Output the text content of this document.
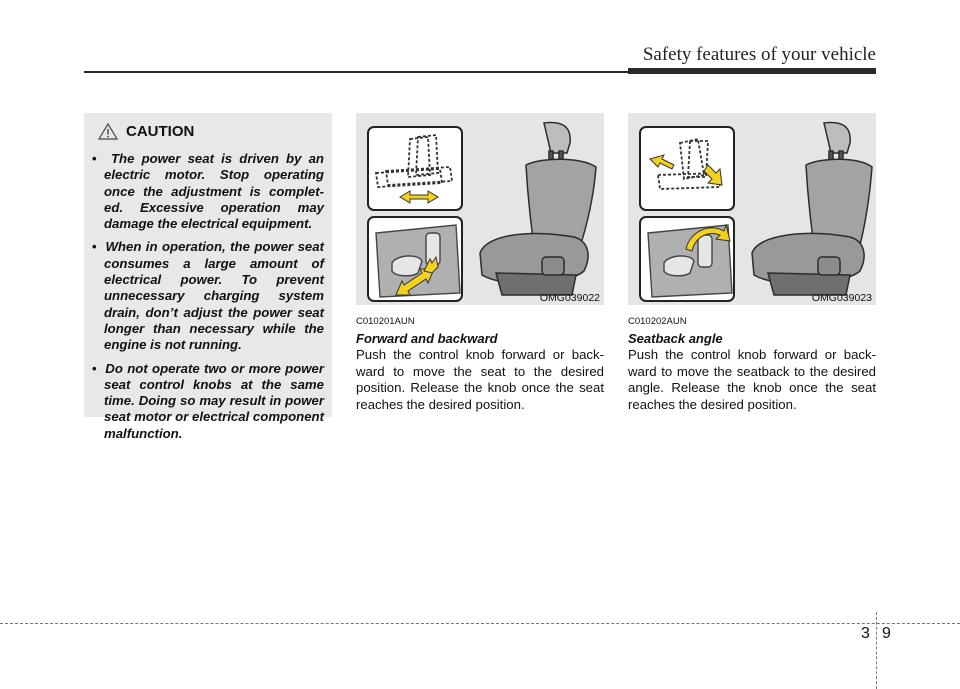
Safety features of your vehicle
CAUTION
•  The power seat is driven by an electric motor. Stop operating once the adjustment is complet- ed. Excessive operation may damage the electrical equipment.
•  When in operation, the power seat consumes a large amount of electrical power. To prevent unnecessary charging system drain, don’t adjust the power seat longer than necessary while the engine is not running.
•  Do not operate two or more power seat control knobs at the same time. Doing so may result in power seat motor or electrical component malfunction.
OMG039022	OMG039023
C010201AUN
Forward and backward
Push the control knob forward or back- ward to move the seat to the desired position. Release the knob once the seat reaches the desired position.
C010202AUN
Seatback angle
Push the control knob forward or back- ward to move the seatback to the desired angle. Release the knob once the seat reaches the desired position.
3 9
